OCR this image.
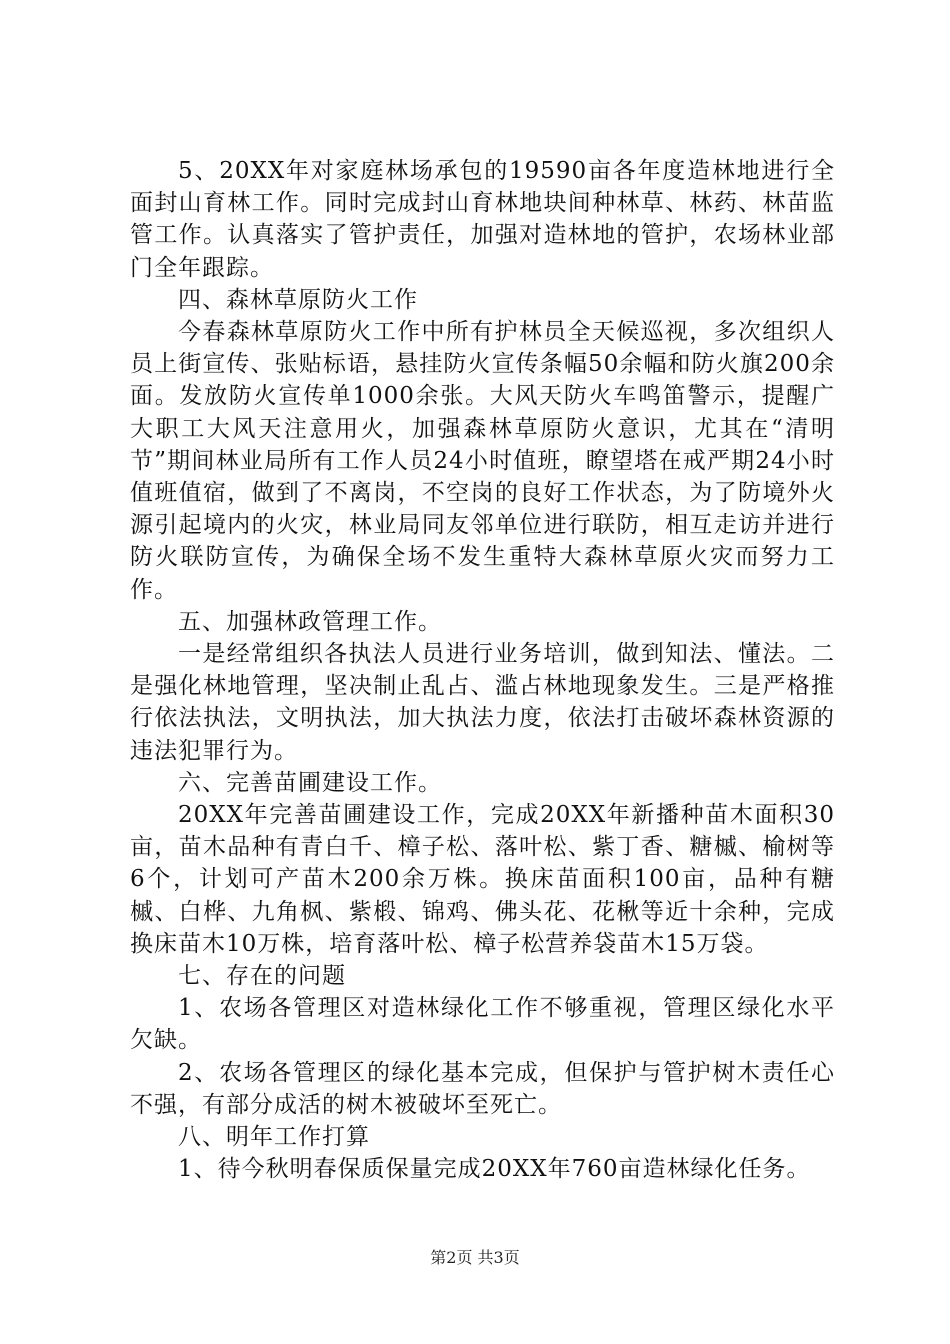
5、20XX年对家庭林场承包的19590亩各年度造林地进行全面封山育林工作。同时完成封山育林地块间种林草、林药、林苗监管工作。认真落实了管护责任，加强对造林地的管护，农场林业部门全年跟踪。

四、森林草原防火工作

今春森林草原防火工作中所有护林员全天候巡视，多次组织人员上街宣传、张贴标语，悬挂防火宣传条幅50余幅和防火旗200余面。发放防火宣传单1000余张。大风天防火车鸣笛警示，提醒广大职工大风天注意用火，加强森林草原防火意识，尤其在“清明节”期间林业局所有工作人员24小时值班，瞭望塔在戒严期24小时值班值宿，做到了不离岗，不空岗的良好工作状态，为了防境外火源引起境内的火灾，林业局同友邻单位进行联防，相互走访并进行防火联防宣传，为确保全场不发生重特大森林草原火灾而努力工作。

五、加强林政管理工作。

一是经常组织各执法人员进行业务培训，做到知法、懂法。二是强化林地管理，坚决制止乱占、滥占林地现象发生。三是严格推行依法执法，文明执法，加大执法力度，依法打击破坏森林资源的违法犯罪行为。

六、完善苗圃建设工作。

20XX年完善苗圃建设工作，完成20XX年新播种苗木面积30亩，苗木品种有青白千、樟子松、落叶松、紫丁香、糖槭、榆树等6个，计划可产苗木200余万株。换床苗面积100亩，品种有糖槭、白桦、九角枫、紫椴、锦鸡、佛头花、花楸等近十余种，完成换床苗木10万株，培育落叶松、樟子松营养袋苗木15万袋。

七、存在的问题

1、农场各管理区对造林绿化工作不够重视，管理区绿化水平欠缺。

2、农场各管理区的绿化基本完成，但保护与管护树木责任心不强，有部分成活的树木被破坏至死亡。

八、明年工作打算

1、待今秋明春保质保量完成20XX年760亩造林绿化任务。

第2页 共3页
